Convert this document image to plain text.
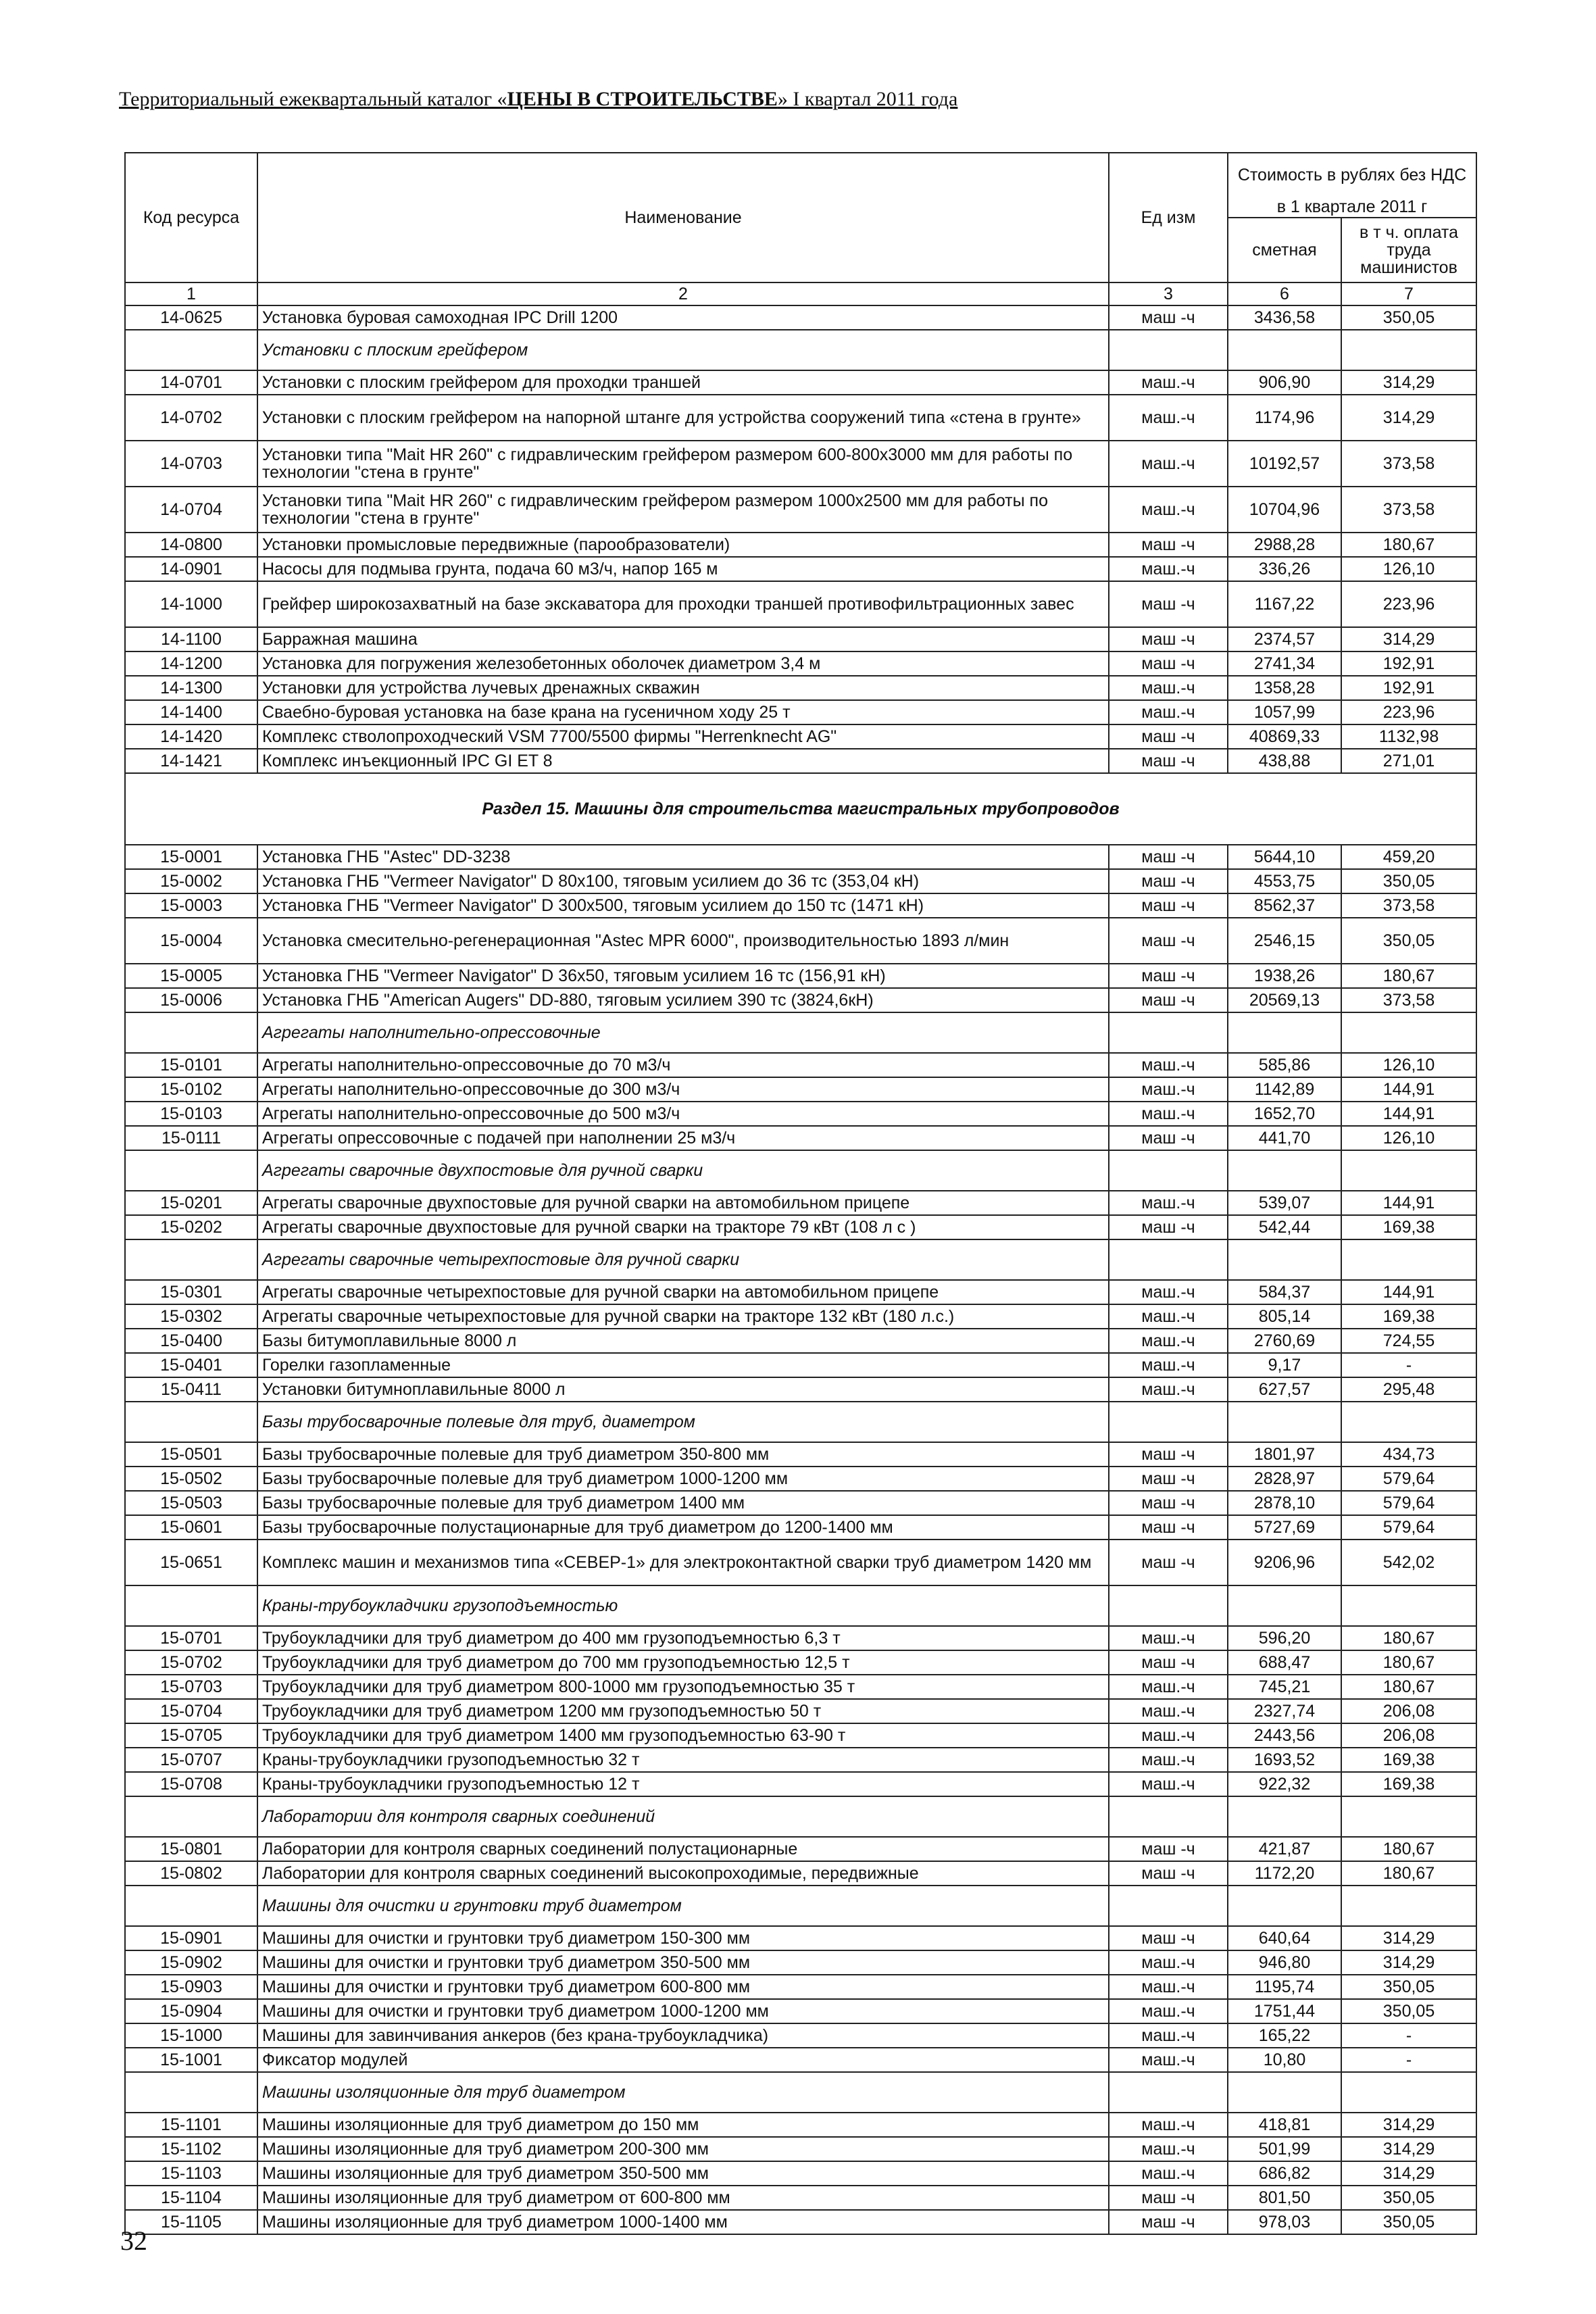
Территориальный ежеквартальный каталог «ЦЕНЫ В СТРОИТЕЛЬСТВЕ» I квартал 2011 года
Код ресурса	Наименование	Ед изм	Стоимость в рублях без НДС	
			в 1 квартале 2011 г	
			сметная	в т ч. оплата труда машинистов
1	2	3	6	7
14-0625	Установка буровая самоходная IPC Drill 1200	маш -ч	3436,58	350,05
	Установки с плоским грейфером			
14-0701	Установки с плоским грейфером для проходки траншей	маш.-ч	906,90	314,29
14-0702	Установки с плоским грейфером на напорной штанге для устройства сооружений типа «стена в грунте»	маш.-ч	1174,96	314,29
14-0703	Установки типа "Mait HR 260" с гидравлическим грейфером размером 600-800x3000 мм для работы по технологии "стена в грунте"	маш.-ч	10192,57	373,58
14-0704	Установки типа "Mait HR 260" с гидравлическим грейфером размером 1000x2500 мм для работы по технологии "стена в грунте"	маш.-ч	10704,96	373,58
14-0800	Установки промысловые передвижные (парообразователи)	маш -ч	2988,28	180,67
14-0901	Насосы для подмыва грунта, подача 60 м3/ч, напор 165 м	маш.-ч	336,26	126,10
14-1000	Грейфер широкозахватный на базе экскаватора для проходки траншей противофильтрационных завес	маш -ч	1167,22	223,96
14-1100	Барражная машина	маш -ч	2374,57	314,29
14-1200	Установка для погружения железобетонных оболочек диаметром 3,4 м	маш -ч	2741,34	192,91
14-1300	Установки для устройства лучевых дренажных скважин	маш.-ч	1358,28	192,91
14-1400	Сваебно-буровая установка на базе крана на гусеничном ходу 25 т	маш.-ч	1057,99	223,96
14-1420	Комплекс стволопроходческий VSM 7700/5500 фирмы "Herrenknecht AG"	маш -ч	40869,33	1132,98
14-1421	Комплекс инъекционный IPC GI ET 8	маш -ч	438,88	271,01
Раздел 15. Машины для строительства магистральных трубопроводов				
15-0001	Установка ГНБ "Astec" DD-3238	маш -ч	5644,10	459,20
15-0002	Установка ГНБ "Vermeer Navigator" D 80x100, тяговым усилием до 36 тс (353,04 кН)	маш -ч	4553,75	350,05
15-0003	Установка ГНБ "Vermeer Navigator" D 300x500, тяговым усилием до 150 тс (1471 кН)	маш -ч	8562,37	373,58
15-0004	Установка смесительно-регенерационная "Astec MPR 6000", производительностью 1893 л/мин	маш -ч	2546,15	350,05
15-0005	Установка ГНБ "Vermeer Navigator" D 36x50, тяговым усилием 16 тс (156,91 кН)	маш -ч	1938,26	180,67
15-0006	Установка ГНБ "American Augers" DD-880, тяговым усилием 390 тс (3824,6кН)	маш -ч	20569,13	373,58
	Агрегаты наполнительно-опрессовочные			
15-0101	Агрегаты наполнительно-опрессовочные до 70 м3/ч	маш.-ч	585,86	126,10
15-0102	Агрегаты наполнительно-опрессовочные до 300 м3/ч	маш.-ч	1142,89	144,91
15-0103	Агрегаты наполнительно-опрессовочные до 500 м3/ч	маш.-ч	1652,70	144,91
15-0111	Агрегаты опрессовочные с подачей при наполнении 25 м3/ч	маш -ч	441,70	126,10
	Агрегаты сварочные двухпостовые для ручной сварки			
15-0201	Агрегаты сварочные двухпостовые для ручной сварки на автомобильном прицепе	маш.-ч	539,07	144,91
15-0202	Агрегаты сварочные двухпостовые для ручной сварки на тракторе 79 кВт (108 л с )	маш -ч	542,44	169,38
	Агрегаты сварочные четырехпостовые для ручной сварки			
15-0301	Агрегаты сварочные четырехпостовые для ручной сварки на автомобильном прицепе	маш.-ч	584,37	144,91
15-0302	Агрегаты сварочные четырехпостовые для ручной сварки на тракторе 132 кВт (180 л.с.)	маш.-ч	805,14	169,38
15-0400	Базы битумоплавильные 8000 л	маш.-ч	2760,69	724,55
15-0401	Горелки газопламенные	маш.-ч	9,17	-
15-0411	Установки битумноплавильные 8000 л	маш.-ч	627,57	295,48
	Базы трубосварочные полевые для труб, диаметром			
15-0501	Базы трубосварочные полевые для труб диаметром 350-800 мм	маш -ч	1801,97	434,73
15-0502	Базы трубосварочные полевые для труб диаметром 1000-1200 мм	маш -ч	2828,97	579,64
15-0503	Базы трубосварочные полевые для труб диаметром 1400 мм	маш -ч	2878,10	579,64
15-0601	Базы трубосварочные полустационарные для труб диаметром до 1200-1400 мм	маш -ч	5727,69	579,64
15-0651	Комплекс машин и механизмов типа «СЕВЕР-1» для электроконтактной сварки труб диаметром 1420 мм	маш -ч	9206,96	542,02
	Краны-трубоукладчики грузоподъемностью			
15-0701	Трубоукладчики для труб диаметром до 400 мм грузоподъемностью 6,3 т	маш.-ч	596,20	180,67
15-0702	Трубоукладчики для труб диаметром до 700 мм грузоподъемностью 12,5 т	маш -ч	688,47	180,67
15-0703	Трубоукладчики для труб диаметром 800-1000 мм грузоподъемностью 35 т	маш.-ч	745,21	180,67
15-0704	Трубоукладчики для труб диаметром 1200 мм грузоподъемностью 50 т	маш.-ч	2327,74	206,08
15-0705	Трубоукладчики для труб диаметром 1400 мм грузоподъемностью 63-90 т	маш.-ч	2443,56	206,08
15-0707	Краны-трубоукладчики грузоподъемностью 32 т	маш.-ч	1693,52	169,38
15-0708	Краны-трубоукладчики грузоподъемностью 12 т	маш.-ч	922,32	169,38
	Лаборатории для контроля сварных соединений			
15-0801	Лаборатории для контроля сварных соединений полустационарные	маш -ч	421,87	180,67
15-0802	Лаборатории для контроля сварных соединений высокопроходимые, передвижные	маш -ч	1172,20	180,67
	Машины для очистки и грунтовки труб диаметром			
15-0901	Машины для очистки и грунтовки труб диаметром 150-300 мм	маш -ч	640,64	314,29
15-0902	Машины для очистки и грунтовки труб диаметром 350-500 мм	маш.-ч	946,80	314,29
15-0903	Машины для очистки и грунтовки труб диаметром 600-800 мм	маш.-ч	1195,74	350,05
15-0904	Машины для очистки и грунтовки труб диаметром 1000-1200 мм	маш.-ч	1751,44	350,05
15-1000	Машины для завинчивания анкеров (без крана-трубоукладчика)	маш.-ч	165,22	-
15-1001	Фиксатор модулей	маш.-ч	10,80	-
	Машины изоляционные для труб диаметром			
15-1101	Машины изоляционные для труб диаметром до 150 мм	маш.-ч	418,81	314,29
15-1102	Машины изоляционные для труб диаметром 200-300 мм	маш.-ч	501,99	314,29
15-1103	Машины изоляционные для труб диаметром 350-500 мм	маш.-ч	686,82	314,29
15-1104	Машины изоляционные для труб диаметром от 600-800 мм	маш -ч	801,50	350,05
15-1105	Машины изоляционные для труб диаметром 1000-1400 мм	маш -ч	978,03	350,05
32
